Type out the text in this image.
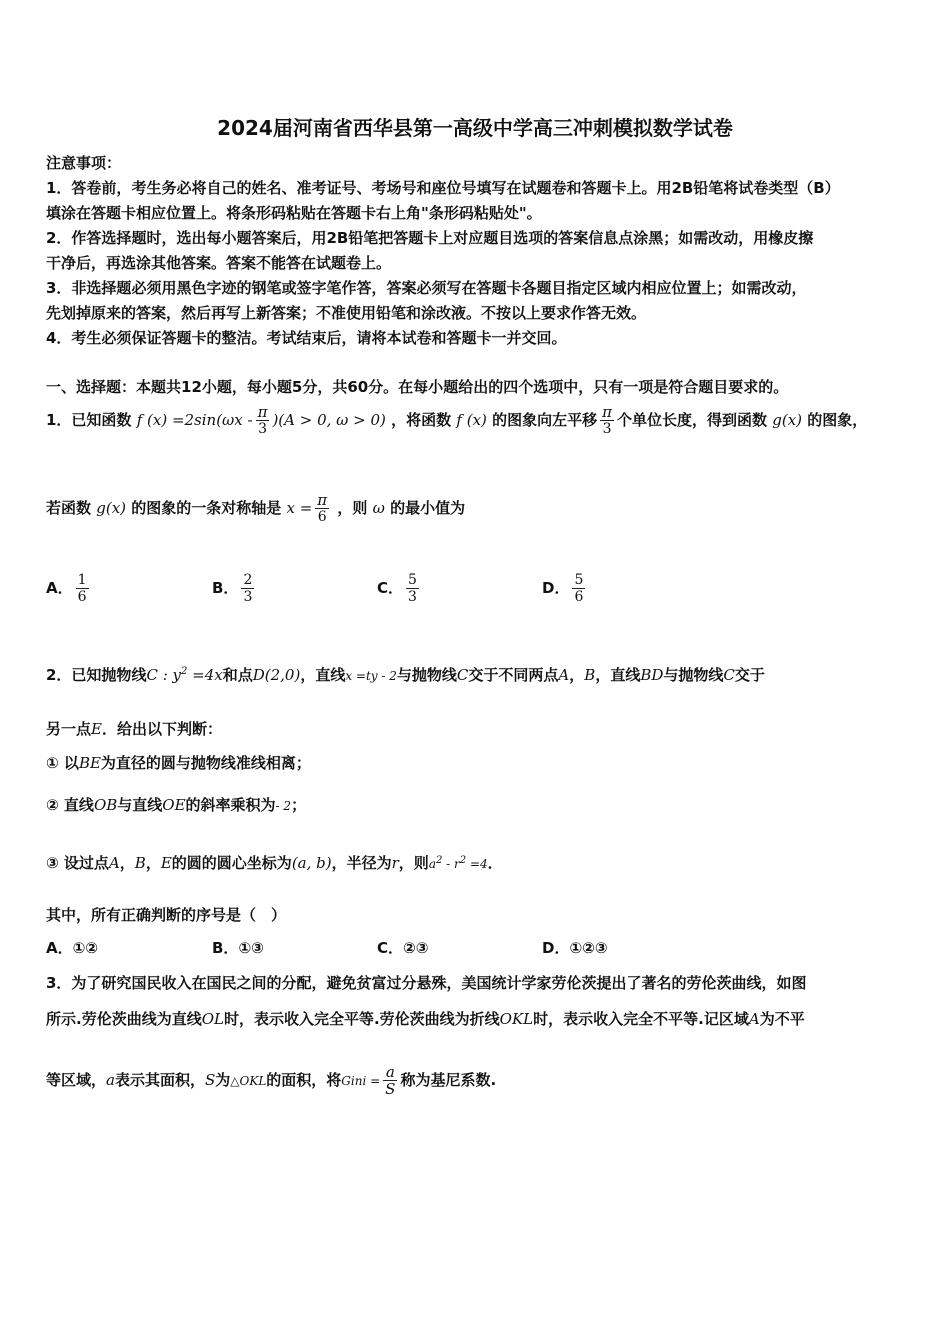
2024届河南省西华县第一高级中学高三冲刺模拟数学试卷
注意事项：
1．答卷前，考生务必将自己的姓名、准考证号、考场号和座位号填写在试题卷和答题卡上。用2B铅笔将试卷类型（B）
填涂在答题卡相应位置上。将条形码粘贴在答题卡右上角"条形码粘贴处"。
2．作答选择题时，选出每小题答案后，用2B铅笔把答题卡上对应题目选项的答案信息点涂黑；如需改动，用橡皮擦
干净后，再选涂其他答案。答案不能答在试题卷上。
3．非选择题必须用黑色字迹的钢笔或签字笔作答，答案必须写在答题卡各题目指定区域内相应位置上；如需改动，
先划掉原来的答案，然后再写上新答案；不准使用铅笔和涂改液。不按以上要求作答无效。
4．考生必须保证答题卡的整洁。考试结束后，请将本试卷和答题卡一并交回。
一、选择题：本题共12小题，每小题5分，共60分。在每小题给出的四个选项中，只有一项是符合题目要求的。
1．已知函数 f $(x) =2\sin(\omega x - \frac{\pi}{3} )(A > 0$, ω > 0) ，将函数 f (x) 的图象向左平移 $\frac{\pi}{3}$ 个单位长度，得到函数 g(x) 的图象，
若函数 g(x) 的图象的一条对称轴是 $x = \frac{\pi}{6}$ ，则 ω 的最小值为
A． $\frac{1}{6}$	B． $\frac{2}{3}$	C． $\frac{5}{3}$	D． $\frac{5}{6}$
2．已知抛物线C : $y^2 =4x$和点D(2,0)，直线x =ty - 2与抛物线C交于不同两点A，B，直线BD与抛物线C交于
另一点E．给出以下判断：
① 以BE为直径的圆与抛物线准线相离；
② 直线OB与直线OE的斜率乘积为- 2；
③ 设过点A，B，E的圆的圆心坐标为(a, b)，半径为r，则$a^2 - r^2 =4$．
其中，所有正确判断的序号是（　）
A．①②	B．①③	C．②③	D．①②③
3．为了研究国民收入在国民之间的分配，避免贫富过分悬殊，美国统计学家劳伦茨提出了著名的劳伦茨曲线，如图
所示.劳伦茨曲线为直线OL时，表示收入完全平等.劳伦茨曲线为折线OKL时，表示收入完全不平等.记区域A为不平
等区域，a表示其面积，S为△OKL的面积，将Gini = $\frac{a}{S}$ 称为基尼系数.
